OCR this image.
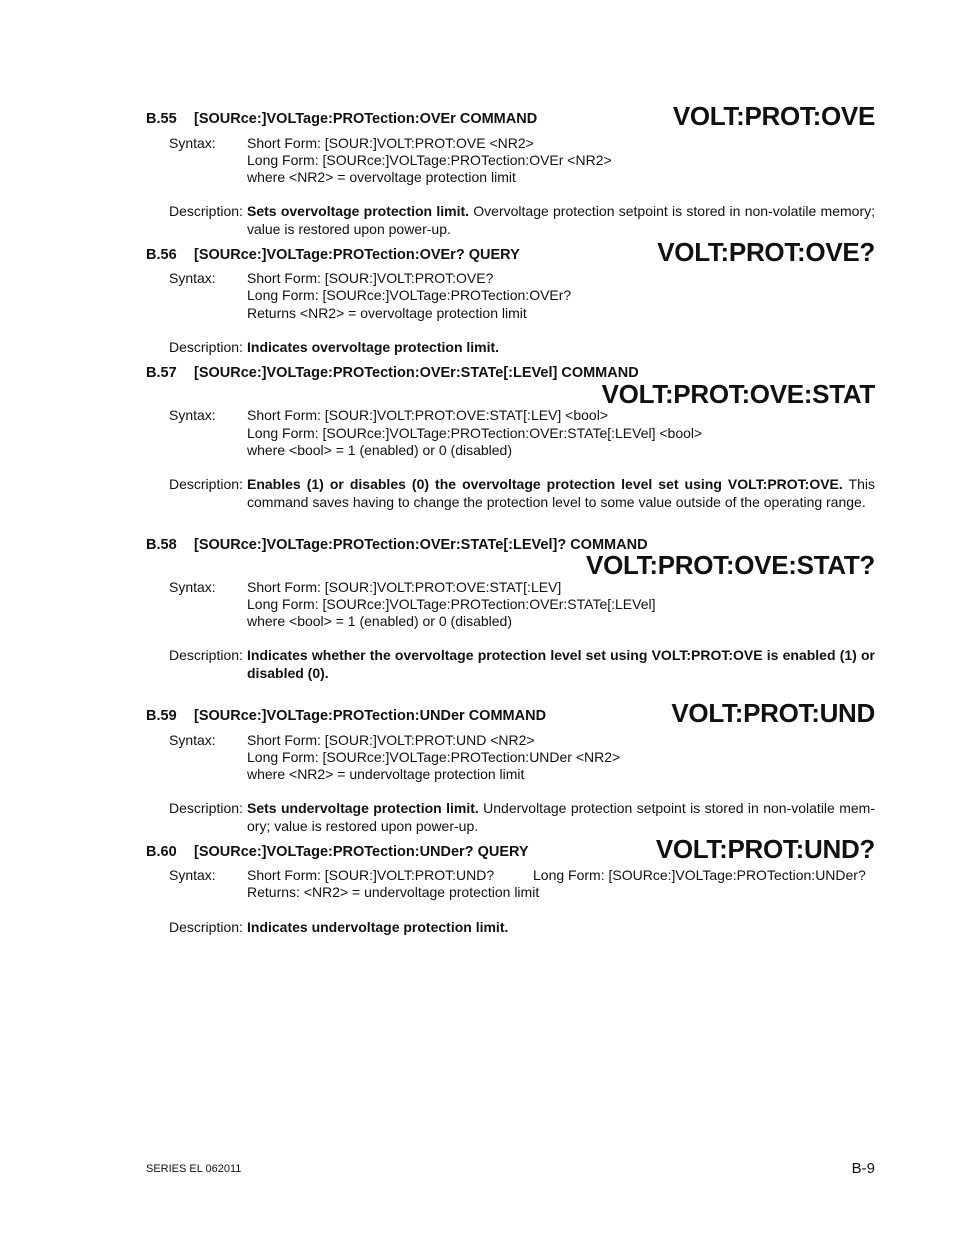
B.55 [SOURce:]VOLTage:PROTection:OVEr COMMAND	VOLT:PROT:OVE
Syntax: Short Form: [SOUR:]VOLT:PROT:OVE <NR2>
Long Form: [SOURce:]VOLTage:PROTection:OVEr <NR2>
where <NR2> = overvoltage protection limit
Description: Sets overvoltage protection limit. Overvoltage protection setpoint is stored in non-volatile memory; value is restored upon power-up.
B.56 [SOURce:]VOLTage:PROTection:OVEr? QUERY	VOLT:PROT:OVE?
Syntax: Short Form: [SOUR:]VOLT:PROT:OVE?
Long Form: [SOURce:]VOLTage:PROTection:OVEr?
Returns <NR2> = overvoltage protection limit
Description: Indicates overvoltage protection limit.
B.57 [SOURce:]VOLTage:PROTection:OVEr:STATe[:LEVel] COMMAND
VOLT:PROT:OVE:STAT
Syntax: Short Form: [SOUR:]VOLT:PROT:OVE:STAT[:LEV] <bool>
Long Form: [SOURce:]VOLTage:PROTection:OVEr:STATe[:LEVel] <bool>
where <bool> = 1 (enabled) or 0 (disabled)
Description: Enables (1) or disables (0) the overvoltage protection level set using VOLT:PROT:OVE. This command saves having to change the protection level to some value outside of the operating range.
B.58 [SOURce:]VOLTage:PROTection:OVEr:STATe[:LEVel]? COMMAND
VOLT:PROT:OVE:STAT?
Syntax: Short Form: [SOUR:]VOLT:PROT:OVE:STAT[:LEV]
Long Form: [SOURce:]VOLTage:PROTection:OVEr:STATe[:LEVel]
where <bool> = 1 (enabled) or 0 (disabled)
Description: Indicates whether the overvoltage protection level set using VOLT:PROT:OVE is enabled (1) or disabled (0).
B.59 [SOURce:]VOLTage:PROTection:UNDer COMMAND	VOLT:PROT:UND
Syntax: Short Form: [SOUR:]VOLT:PROT:UND <NR2>
Long Form: [SOURce:]VOLTage:PROTection:UNDer <NR2>
where <NR2> = undervoltage protection limit
Description: Sets undervoltage protection limit. Undervoltage protection setpoint is stored in non-volatile mem-ory; value is restored upon power-up.
B.60 [SOURce:]VOLTage:PROTection:UNDer? QUERY	VOLT:PROT:UND?
Syntax: Short Form: [SOUR:]VOLT:PROT:UND?	Long Form: [SOURce:]VOLTage:PROTection:UNDer?
Returns: <NR2> = undervoltage protection limit
Description: Indicates undervoltage protection limit.
SERIES EL 062011	B-9
